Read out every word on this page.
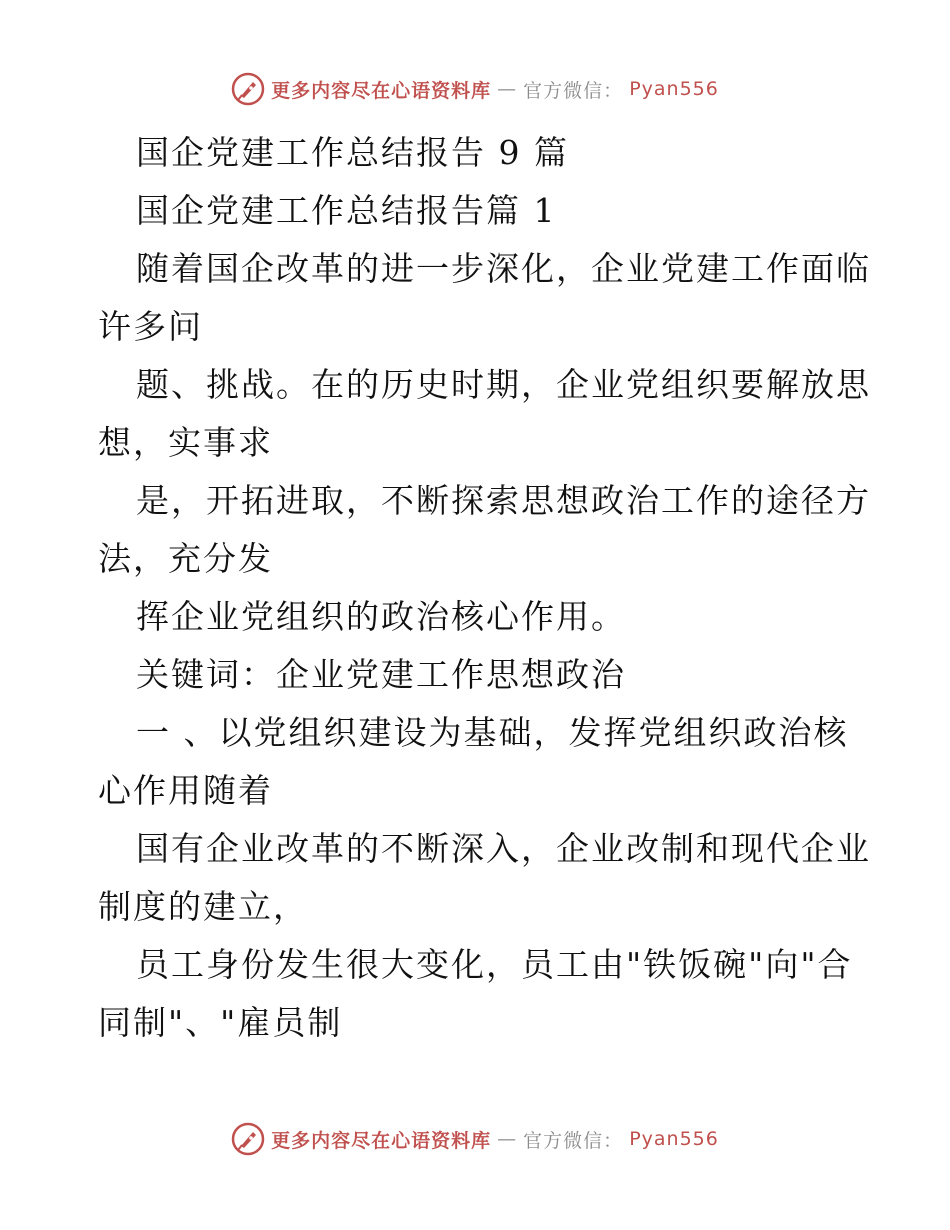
更多内容尽在心语资料库 — 官方微信： Pyan556
国企党建工作总结报告 9 篇
国企党建工作总结报告篇 1
随着国企改革的进一步深化，企业党建工作面临
许多问
题、挑战。在的历史时期，企业党组织要解放思
想，实事求
是，开拓进取，不断探索思想政治工作的途径方
法，充分发
挥企业党组织的政治核心作用。
关键词：企业党建工作思想政治
一 、以党组织建设为基础，发挥党组织政治核
心作用随着
国有企业改革的不断深入，企业改制和现代企业
制度的建立，
员工身份发生很大变化，员工由"铁饭碗"向"合
同制"、"雇员制
更多内容尽在心语资料库 — 官方微信： Pyan556
